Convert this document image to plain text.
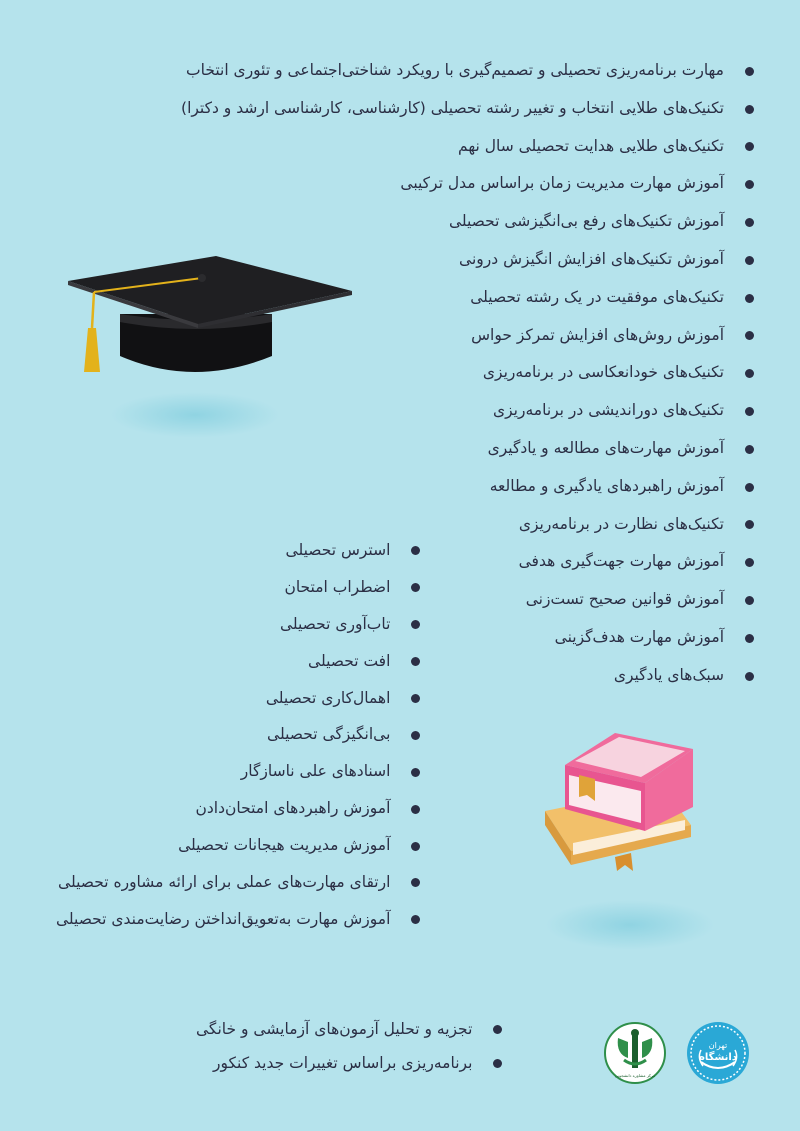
مهارت برنامه‌ریزی تحصیلی و تصمیم‌گیری با رویکرد شناختی‌اجتماعی و تئوری انتخاب
تکنیک‌های طلایی انتخاب و تغییر رشته تحصیلی (کارشناسی، کارشناسی ارشد و دکترا)
تکنیک‌های طلایی هدایت تحصیلی سال نهم
آموزش مهارت مدیریت زمان براساس مدل ترکیبی
آموزش تکنیک‌های رفع بی‌انگیزشی تحصیلی
آموزش تکنیک‌های افزایش انگیزش درونی
تکنیک‌های موفقیت در یک رشته تحصیلی
آموزش روش‌های افزایش تمرکز حواس
تکنیک‌های خودانعکاسی در برنامه‌ریزی
تکنیک‌های دوراندیشی در برنامه‌ریزی
آموزش مهارت‌های مطالعه و یادگیری
آموزش راهبردهای یادگیری و مطالعه
تکنیک‌های نظارت در برنامه‌ریزی
آموزش مهارت جهت‌گیری هدفی
آموزش قوانین صحیح تست‌زنی
آموزش مهارت هدف‌گزینی
سبک‌های یادگیری
استرس تحصیلی
اضطراب امتحان
تاب‌آوری تحصیلی
افت تحصیلی
اهمال‌کاری تحصیلی
بی‌انگیزگی تحصیلی
اسنادهای علی ناسازگار
آموزش راهبردهای امتحان‌دادن
آموزش مدیریت هیجانات تحصیلی
ارتقای مهارت‌های عملی برای ارائه مشاوره تحصیلی
آموزش مهارت به‌تعویق‌انداختن رضایت‌مندی تحصیلی
تجزیه و تحلیل آزمون‌های آزمایشی و خانگی
برنامه‌ریزی براساس تغییرات جدید کنکور
تهران
دانشگاه
مرکز مشاوره دانشجویی
